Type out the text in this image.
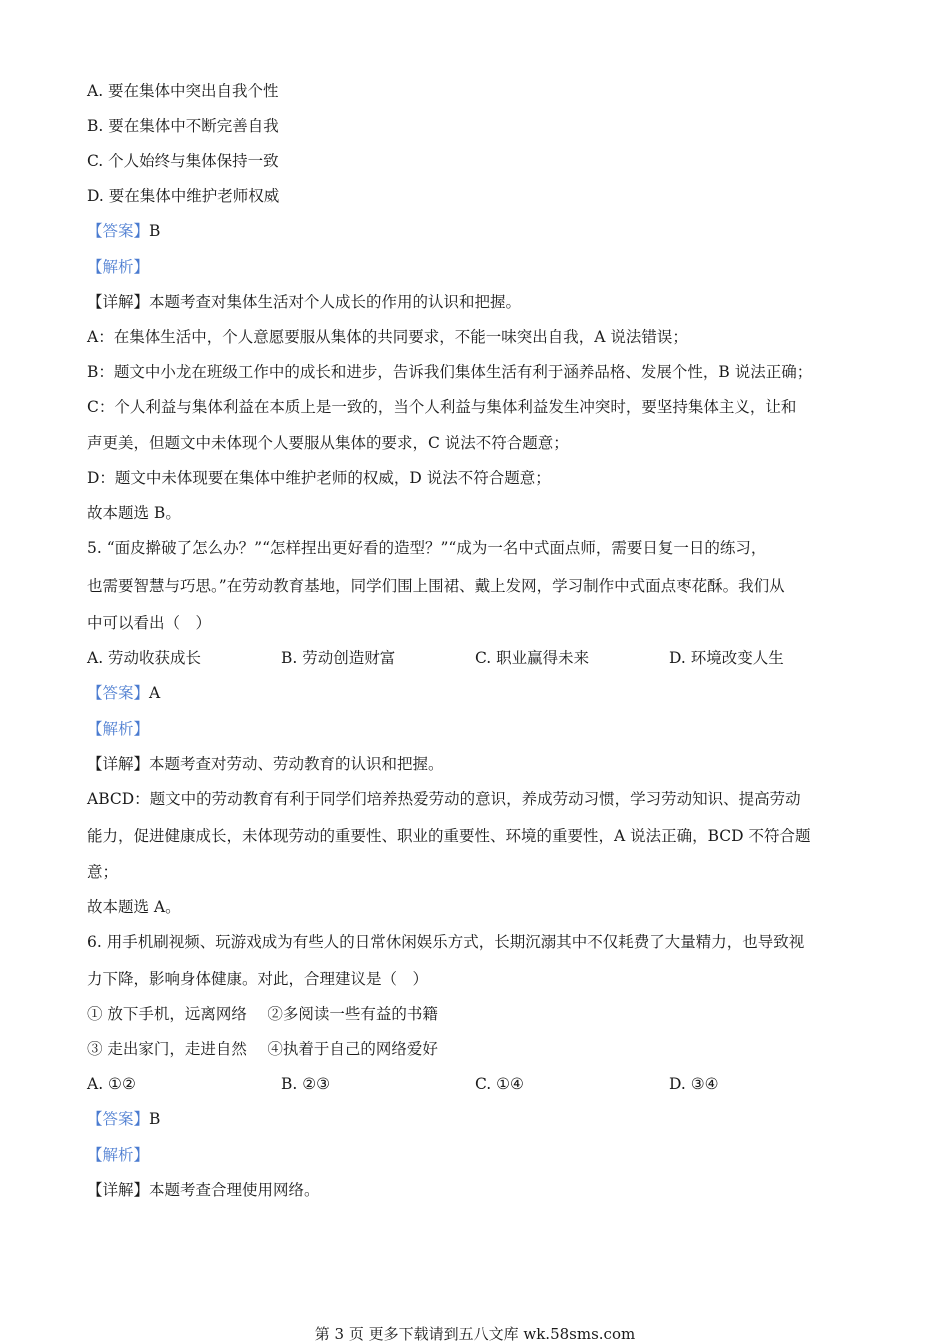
A. 要在集体中突出自我个性
B. 要在集体中不断完善自我
C. 个人始终与集体保持一致
D. 要在集体中维护老师权威
【答案】B
【解析】
【详解】本题考查对集体生活对个人成长的作用的认识和把握。
A：在集体生活中，个人意愿要服从集体的共同要求，不能一味突出自我，A 说法错误；
B：题文中小龙在班级工作中的成长和进步，告诉我们集体生活有利于涵养品格、发展个性，B 说法正确；
C：个人利益与集体利益在本质上是一致的，当个人利益与集体利益发生冲突时，要坚持集体主义，让和
声更美，但题文中未体现个人要服从集体的要求，C 说法不符合题意；
D：题文中未体现要在集体中维护老师的权威，D 说法不符合题意；
故本题选 B。
5. “面皮擀破了怎么办？”“怎样捏出更好看的造型？”“成为一名中式面点师，需要日复一日的练习，
也需要智慧与巧思。”在劳动教育基地，同学们围上围裙、戴上发网，学习制作中式面点枣花酥。我们从
中可以看出（　）
A. 劳动收获成长	B. 劳动创造财富	C. 职业赢得未来	D. 环境改变人生
【答案】A
【解析】
【详解】本题考查对劳动、劳动教育的认识和把握。
ABCD：题文中的劳动教育有利于同学们培养热爱劳动的意识，养成劳动习惯，学习劳动知识、提高劳动
能力，促进健康成长，未体现劳动的重要性、职业的重要性、环境的重要性，A 说法正确，BCD 不符合题
意；
故本题选 A。
6. 用手机刷视频、玩游戏成为有些人的日常休闲娱乐方式，长期沉溺其中不仅耗费了大量精力，也导致视
力下降，影响身体健康。对此，合理建议是（　）
① 放下手机，远离网络　 ②多阅读一些有益的书籍
③ 走出家门，走进自然　 ④执着于自己的网络爱好
A. ①②	B. ②③	C. ①④	D. ③④
【答案】B
【解析】
【详解】本题考查合理使用网络。
第 3 页 更多下载请到五八文库 wk.58sms.com
